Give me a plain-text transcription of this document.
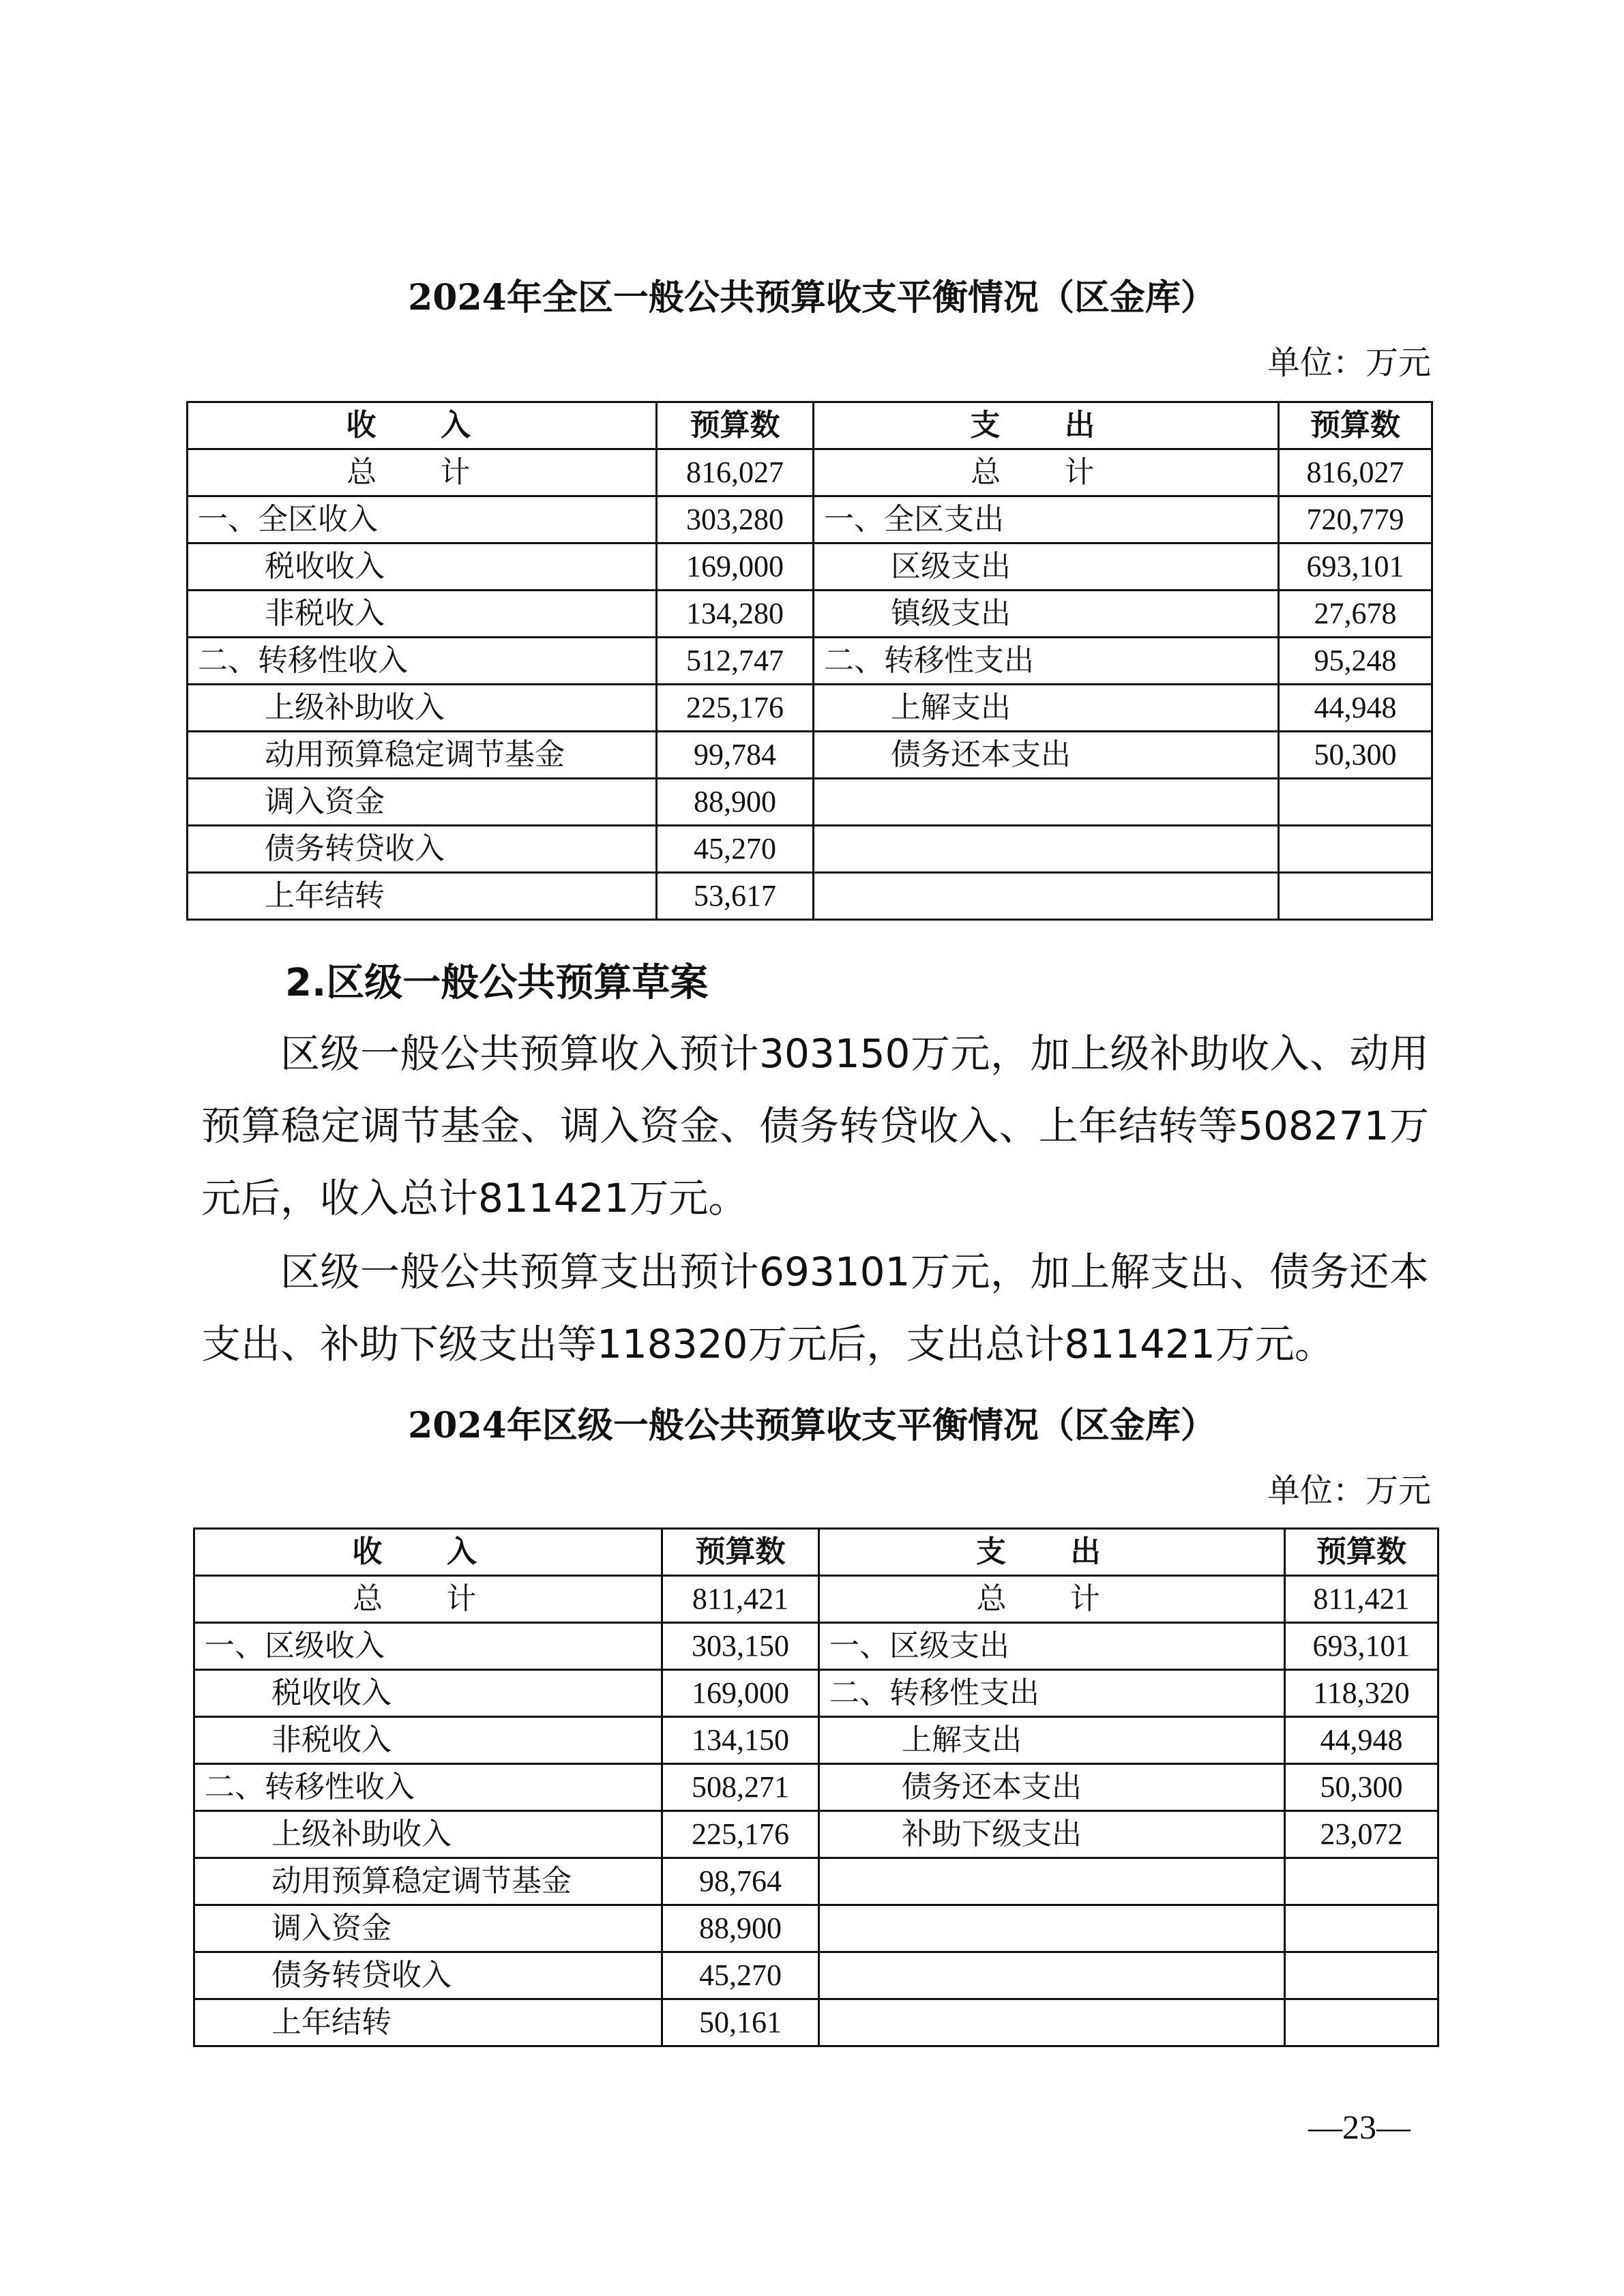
2024年全区一般公共预算收支平衡情况（区金库）
单位：万元
收 入	预算数	支 出	预算数
总 计	816,027	总 计	816,027
一、全区收入	303,280	一、全区支出	720,779
税收收入	169,000	区级支出	693,101
非税收入	134,280	镇级支出	27,678
二、转移性收入	512,747	二、转移性支出	95,248
上级补助收入	225,176	上解支出	44,948
动用预算稳定调节基金	99,784	债务还本支出	50,300
调入资金	88,900		
债务转贷收入	45,270		
上年结转	53,617		
2.区级一般公共预算草案

区级一般公共预算收入预计303150万元，加上级补助收入、动用预算稳定调节基金、调入资金、债务转贷收入、上年结转等508271万元后，收入总计811421万元。

区级一般公共预算支出预计693101万元，加上解支出、债务还本支出、补助下级支出等118320万元后，支出总计811421万元。

2024年区级一般公共预算收支平衡情况（区金库）
单位：万元
收 入	预算数	支 出	预算数
总 计	811,421	总 计	811,421
一、区级收入	303,150	一、区级支出	693,101
税收收入	169,000	二、转移性支出	118,320
非税收入	134,150	上解支出	44,948
二、转移性收入	508,271	债务还本支出	50,300
上级补助收入	225,176	补助下级支出	23,072
动用预算稳定调节基金	98,764		
调入资金	88,900		
债务转贷收入	45,270		
上年结转	50,161		
—23—
